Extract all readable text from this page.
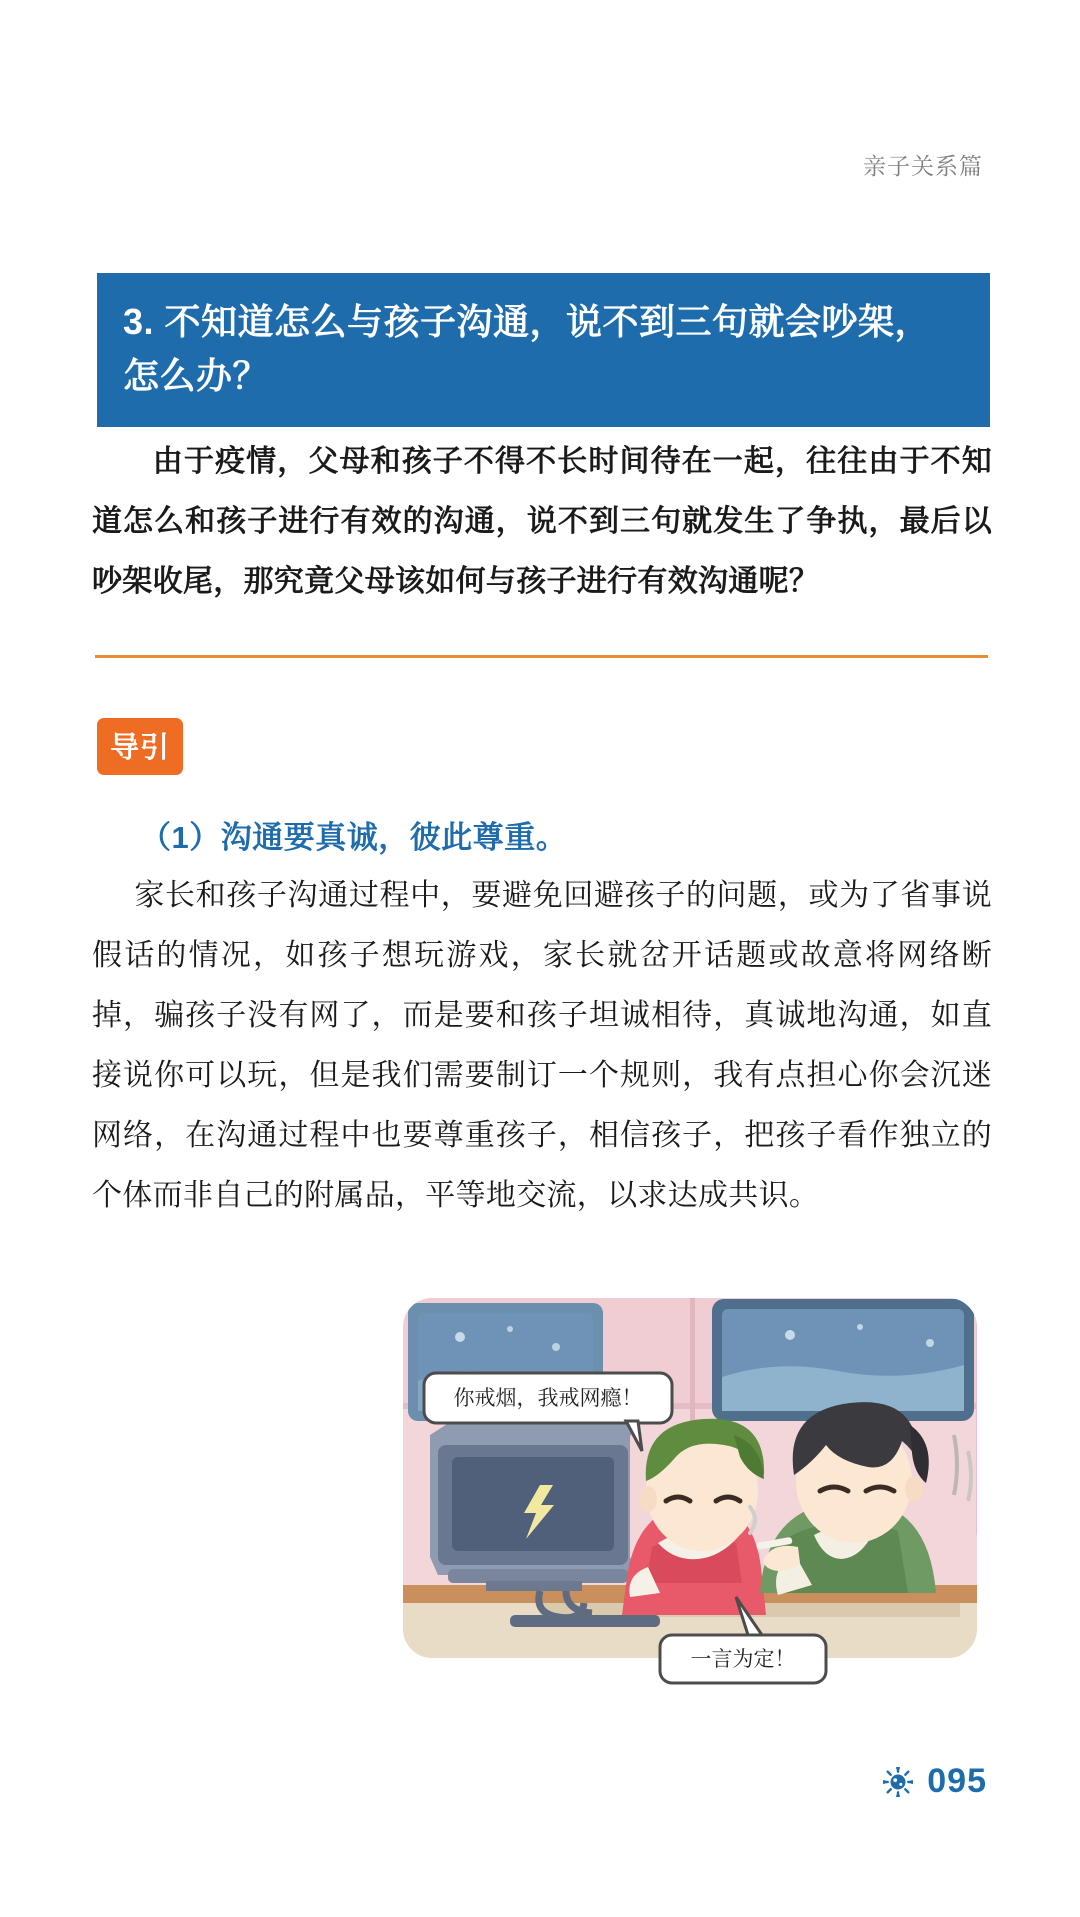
亲子关系篇
3. 不知道怎么与孩子沟通，说不到三句就会吵架，怎么办？
由于疫情，父母和孩子不得不长时间待在一起，往往由于不知道怎么和孩子进行有效的沟通，说不到三句就发生了争执，最后以吵架收尾，那究竟父母该如何与孩子进行有效沟通呢？
导引
（1）沟通要真诚，彼此尊重。
家长和孩子沟通过程中，要避免回避孩子的问题，或为了省事说假话的情况，如孩子想玩游戏，家长就岔开话题或故意将网络断掉，骗孩子没有网了，而是要和孩子坦诚相待，真诚地沟通，如直接说你可以玩，但是我们需要制订一个规则，我有点担心你会沉迷网络，在沟通过程中也要尊重孩子，相信孩子，把孩子看作独立的个体而非自己的附属品，平等地交流，以求达成共识。
你戒烟，我戒网瘾！
一言为定！
095
